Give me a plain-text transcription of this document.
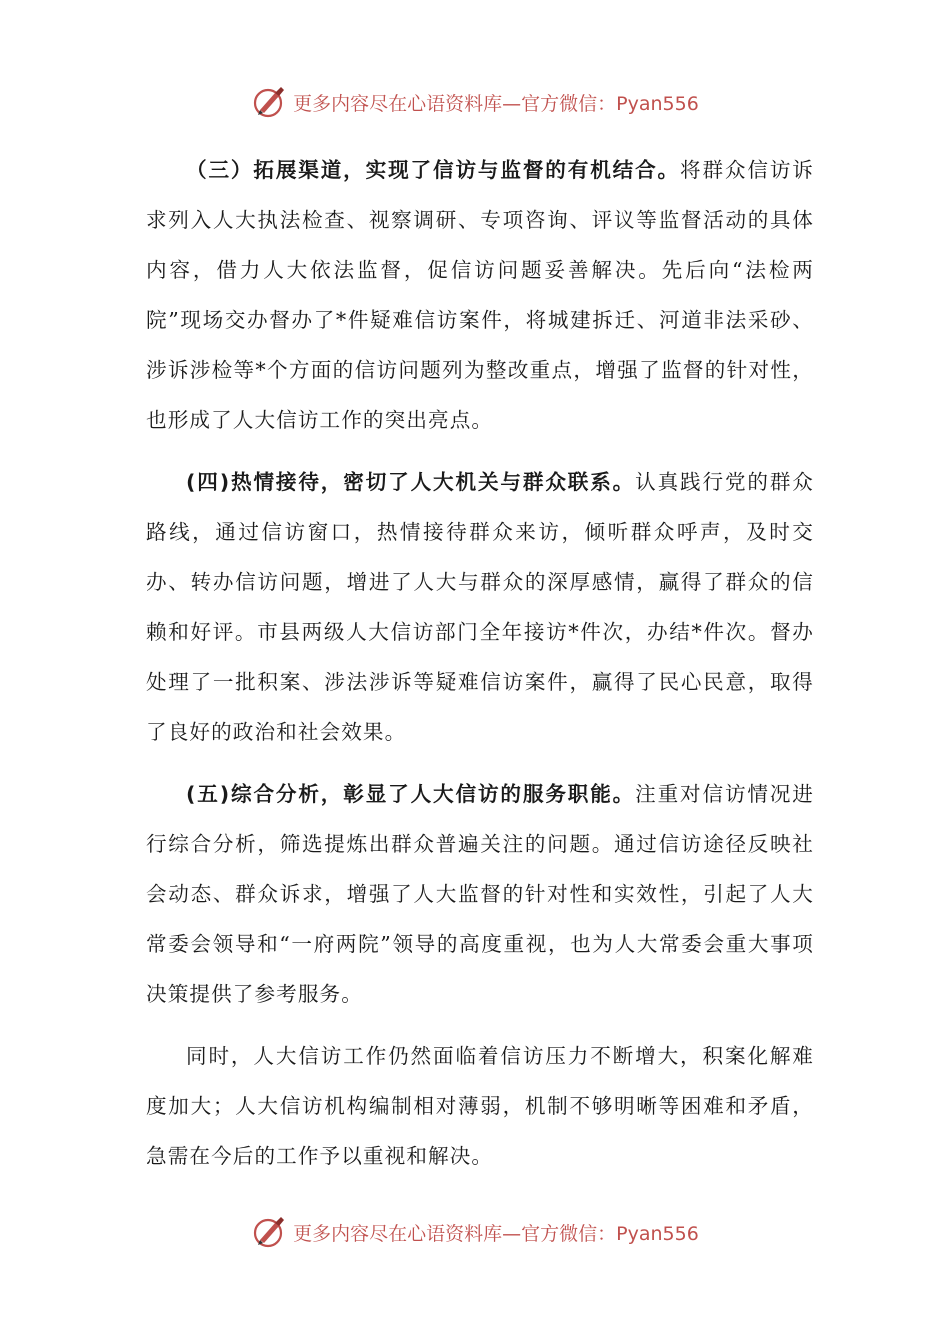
更多内容尽在心语资料库—官方微信：Pyan556

（三）拓展渠道，实现了信访与监督的有机结合。将群众信访诉求列入人大执法检查、视察调研、专项咨询、评议等监督活动的具体内容，借力人大依法监督，促信访问题妥善解决。先后向“法检两院”现场交办督办了*件疑难信访案件，将城建拆迁、河道非法采砂、涉诉涉检等*个方面的信访问题列为整改重点，增强了监督的针对性，也形成了人大信访工作的突出亮点。

(四)热情接待，密切了人大机关与群众联系。认真践行党的群众路线，通过信访窗口，热情接待群众来访，倾听群众呼声，及时交办、转办信访问题，增进了人大与群众的深厚感情，赢得了群众的信赖和好评。市县两级人大信访部门全年接访*件次，办结*件次。督办处理了一批积案、涉法涉诉等疑难信访案件，赢得了民心民意，取得了良好的政治和社会效果。

(五)综合分析，彰显了人大信访的服务职能。注重对信访情况进行综合分析，筛选提炼出群众普遍关注的问题。通过信访途径反映社会动态、群众诉求，增强了人大监督的针对性和实效性，引起了人大常委会领导和“一府两院”领导的高度重视，也为人大常委会重大事项决策提供了参考服务。

同时，人大信访工作仍然面临着信访压力不断增大，积案化解难度加大；人大信访机构编制相对薄弱，机制不够明晰等困难和矛盾，急需在今后的工作予以重视和解决。

更多内容尽在心语资料库—官方微信：Pyan556
